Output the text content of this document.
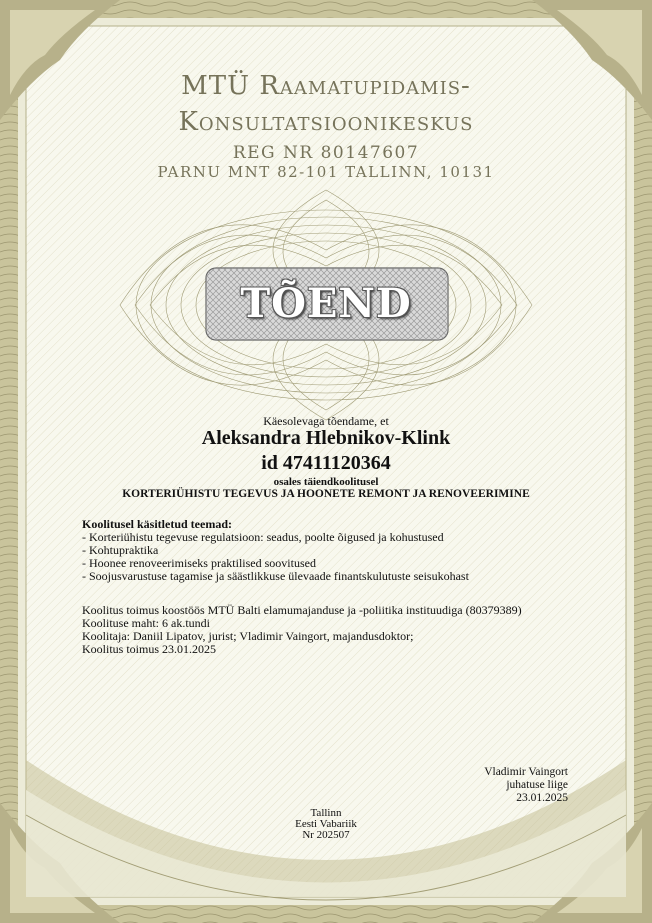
MTÜ Raamatupidamis-
Konsultatsioonikeskus
REG NR 80147607
PARNU MNT 82-101 TALLINN, 10131
TÕEND
Käesolevaga tõendame, et
Aleksandra Hlebnikov-Klink
id 47411120364
osales täiendkoolitusel
KORTERIÜHISTU TEGEVUS JA HOONETE REMONT JA RENOVEERIMINE
Koolitusel käsitletud teemad:
- Korteriühistu tegevuse regulatsioon: seadus, poolte õigused ja kohustused
- Kohtupraktika
- Hoonee renoveerimiseks praktilised soovitused
- Soojusvarustuse tagamise ja säästlikkuse ülevaade finantskulutuste seisukohast
Koolitus toimus koostöös MTÜ Balti elamumajanduse ja -poliitika instituudiga (80379389)
Koolituse maht: 6 ak.tundi
Koolitaja: Daniil Lipatov, jurist; Vladimir Vaingort, majandusdoktor;
Koolitus toimus 23.01.2025
Vladimir Vaingort
juhatuse liige
23.01.2025
Tallinn
Eesti Vabariik
Nr 202507
